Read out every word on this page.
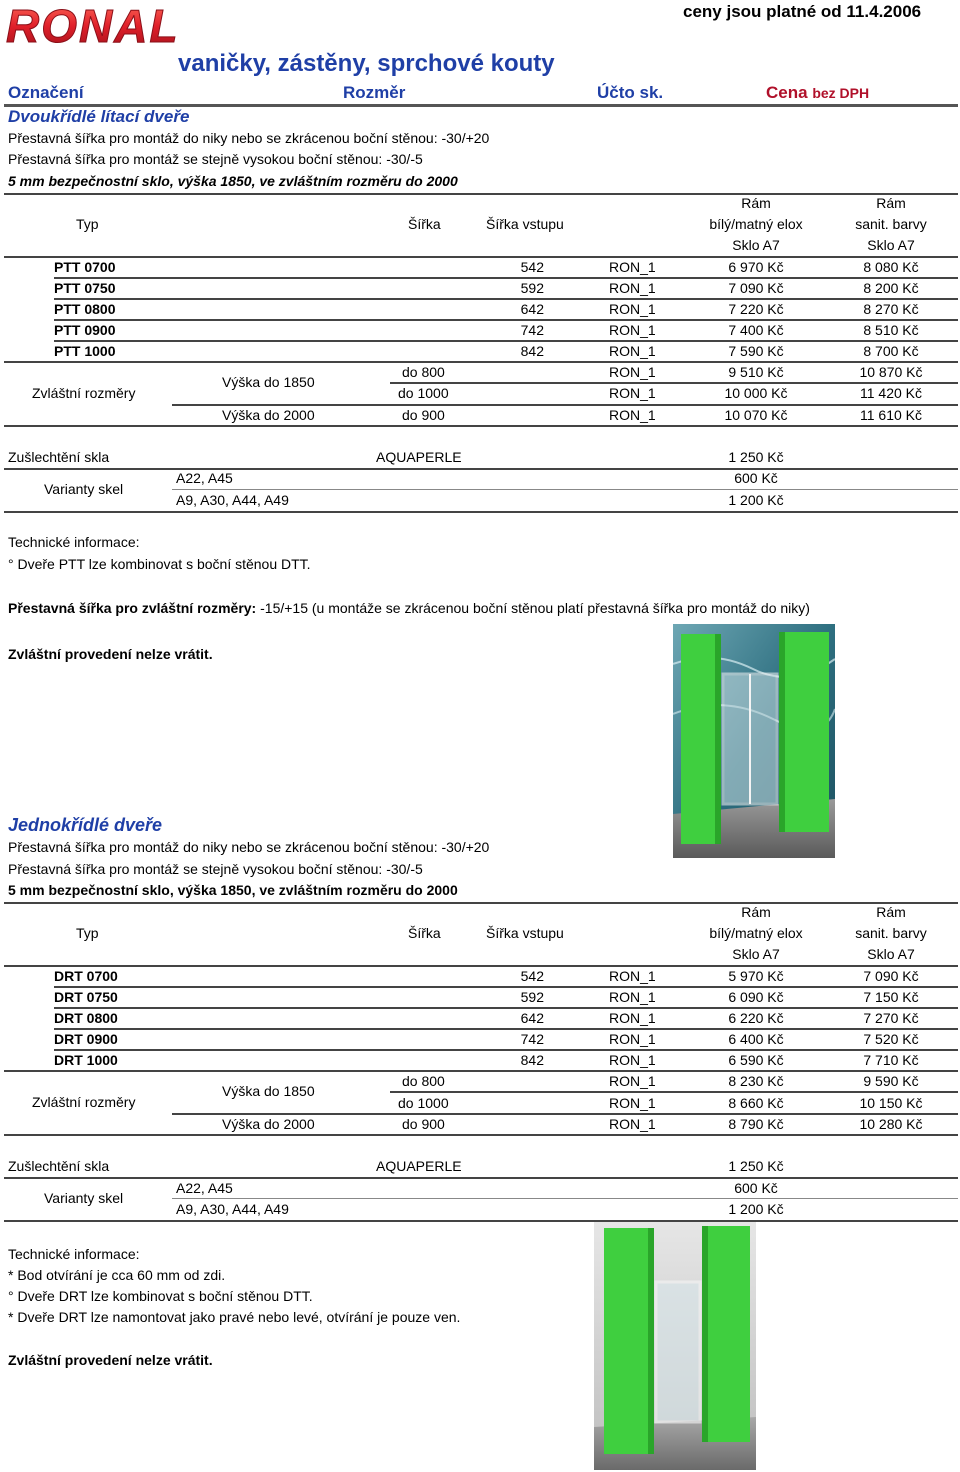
RONAL	ceny jsou platné od 11.4.2006
vaničky, zástěny, sprchové kouty
Označení	Rozměr	Účto sk.	Cena bez DPH
Dvoukřídlé lítací dveře
Přestavná šířka pro montáž do niky nebo se zkrácenou boční stěnou: -30/+20
Přestavná šířka pro montáž se stejně vysokou boční stěnou: -30/-5
5 mm bezpečnostní sklo, výška 1850, ve zvláštním rozměru do 2000
Rám	Rám
Typ	Šířka	Šířka vstupu	bílý/matný elox	sanit. barvy
Sklo A7	Sklo A7
PTT 0700	542	RON_1	6 970 Kč	8 080 Kč
PTT 0750	592	RON_1	7 090 Kč	8 200 Kč
PTT 0800	642	RON_1	7 220 Kč	8 270 Kč
PTT 0900	742	RON_1	7 400 Kč	8 510 Kč
PTT 1000	842	RON_1	7 590 Kč	8 700 Kč
Zvláštní rozměry
Výška do 1850
do 800	RON_1	9 510 Kč	10 870 Kč
do 1000	RON_1	10 000 Kč	11 420 Kč
Výška do 2000	do 900	RON_1	10 070 Kč	11 610 Kč
Zušlechtění skla	AQUAPERLE	1 250 Kč
Varianty skel
A22, A45	600 Kč
A9, A30, A44, A49	1 200 Kč
Technické informace:
° Dveře PTT lze kombinovat s boční stěnou DTT.
Přestavná šířka pro zvláštní rozměry: -15/+15 (u montáže se zkrácenou boční stěnou platí přestavná šířka pro montáž do niky)
Zvláštní provedení nelze vrátit.
Jednokřídlé dveře
Přestavná šířka pro montáž do niky nebo se zkrácenou boční stěnou: -30/+20
Přestavná šířka pro montáž se stejně vysokou boční stěnou: -30/-5
5 mm bezpečnostní sklo, výška 1850, ve zvláštním rozměru do 2000
Rám	Rám
Typ	Šířka	Šířka vstupu	bílý/matný elox	sanit. barvy
Sklo A7	Sklo A7
DRT 0700	542	RON_1	5 970 Kč	7 090 Kč
DRT 0750	592	RON_1	6 090 Kč	7 150 Kč
DRT 0800	642	RON_1	6 220 Kč	7 270 Kč
DRT 0900	742	RON_1	6 400 Kč	7 520 Kč
DRT 1000	842	RON_1	6 590 Kč	7 710 Kč
Zvláštní rozměry
Výška do 1850
do 800	RON_1	8 230 Kč	9 590 Kč
do 1000	RON_1	8 660 Kč	10 150 Kč
Výška do 2000	do 900	RON_1	8 790 Kč	10 280 Kč
Zušlechtění skla	AQUAPERLE	1 250 Kč
Varianty skel
A22, A45	600 Kč
A9, A30, A44, A49	1 200 Kč
Technické informace:
* Bod otvírání je cca 60 mm od zdi.
° Dveře DRT lze kombinovat s boční stěnou DTT.
* Dveře DRT lze namontovat jako pravé nebo levé, otvírání je pouze ven.
Zvláštní provedení nelze vrátit.
